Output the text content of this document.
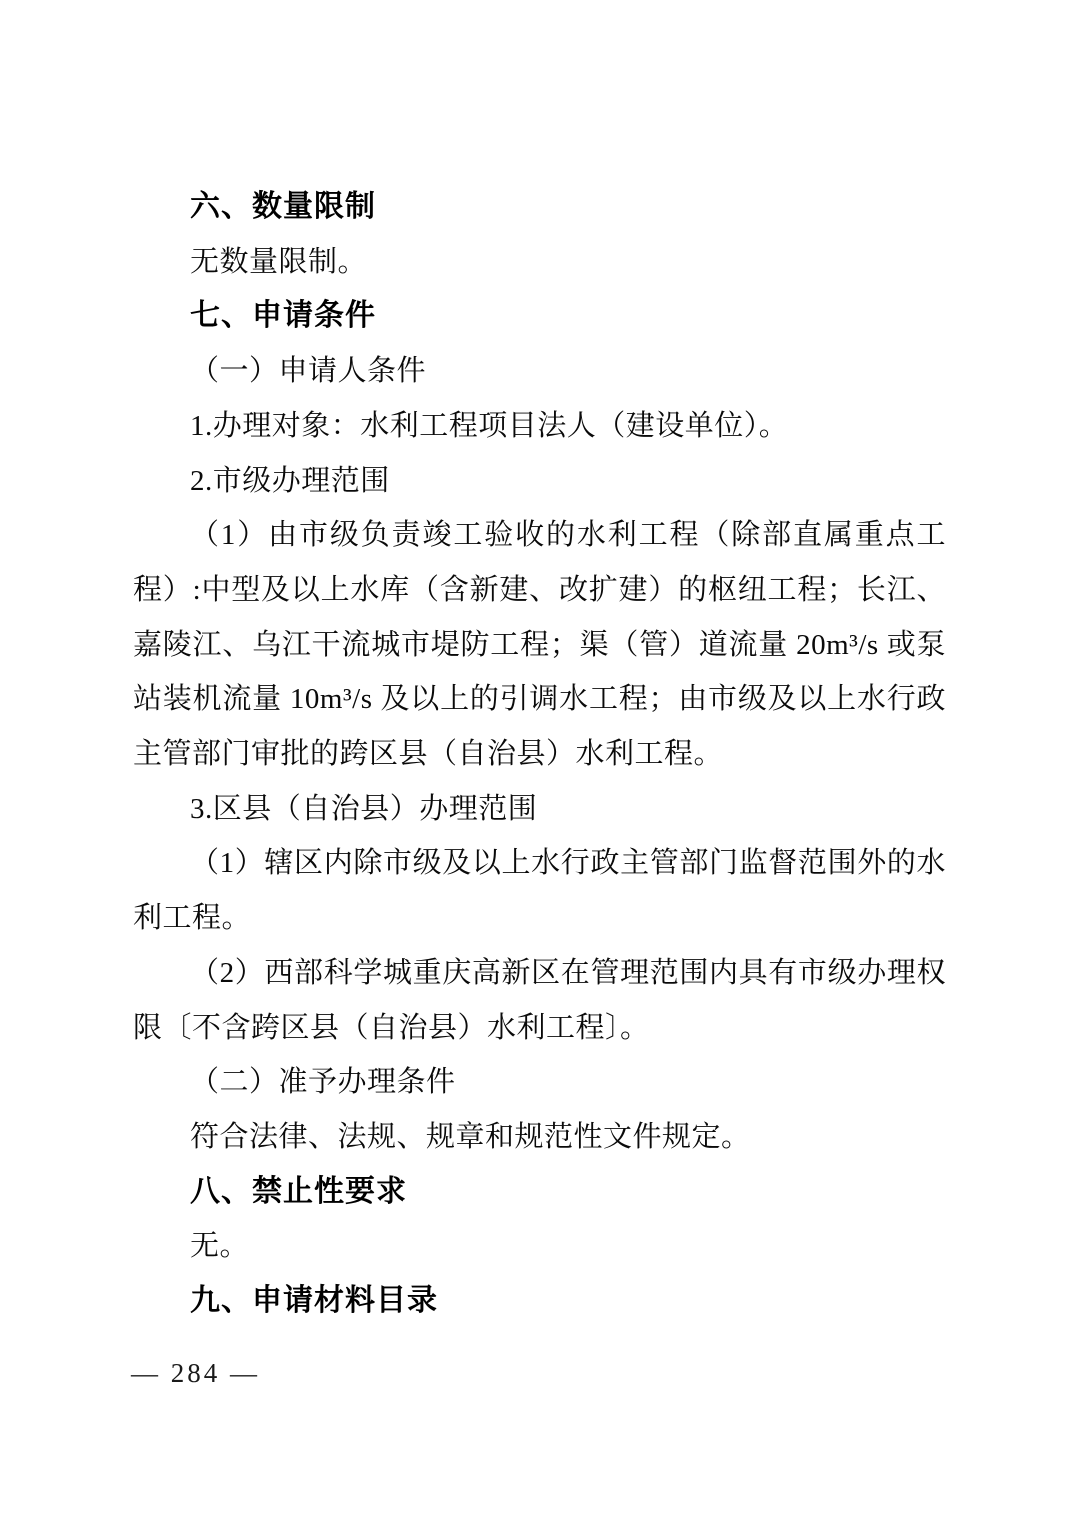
六、数量限制

无数量限制。

七、申请条件

（一）申请人条件

1.办理对象：水利工程项目法人（建设单位）。

2.市级办理范围

（1）由市级负责竣工验收的水利工程（除部直属重点工程）:中型及以上水库（含新建、改扩建）的枢纽工程；长江、嘉陵江、乌江干流城市堤防工程；渠（管）道流量 20m³/s 或泵站装机流量 10m³/s 及以上的引调水工程；由市级及以上水行政主管部门审批的跨区县（自治县）水利工程。

3.区县（自治县）办理范围

（1）辖区内除市级及以上水行政主管部门监督范围外的水利工程。

（2）西部科学城重庆高新区在管理范围内具有市级办理权限〔不含跨区县（自治县）水利工程〕。

（二）准予办理条件

符合法律、法规、规章和规范性文件规定。

八、禁止性要求

无。

九、申请材料目录

— 284 —
